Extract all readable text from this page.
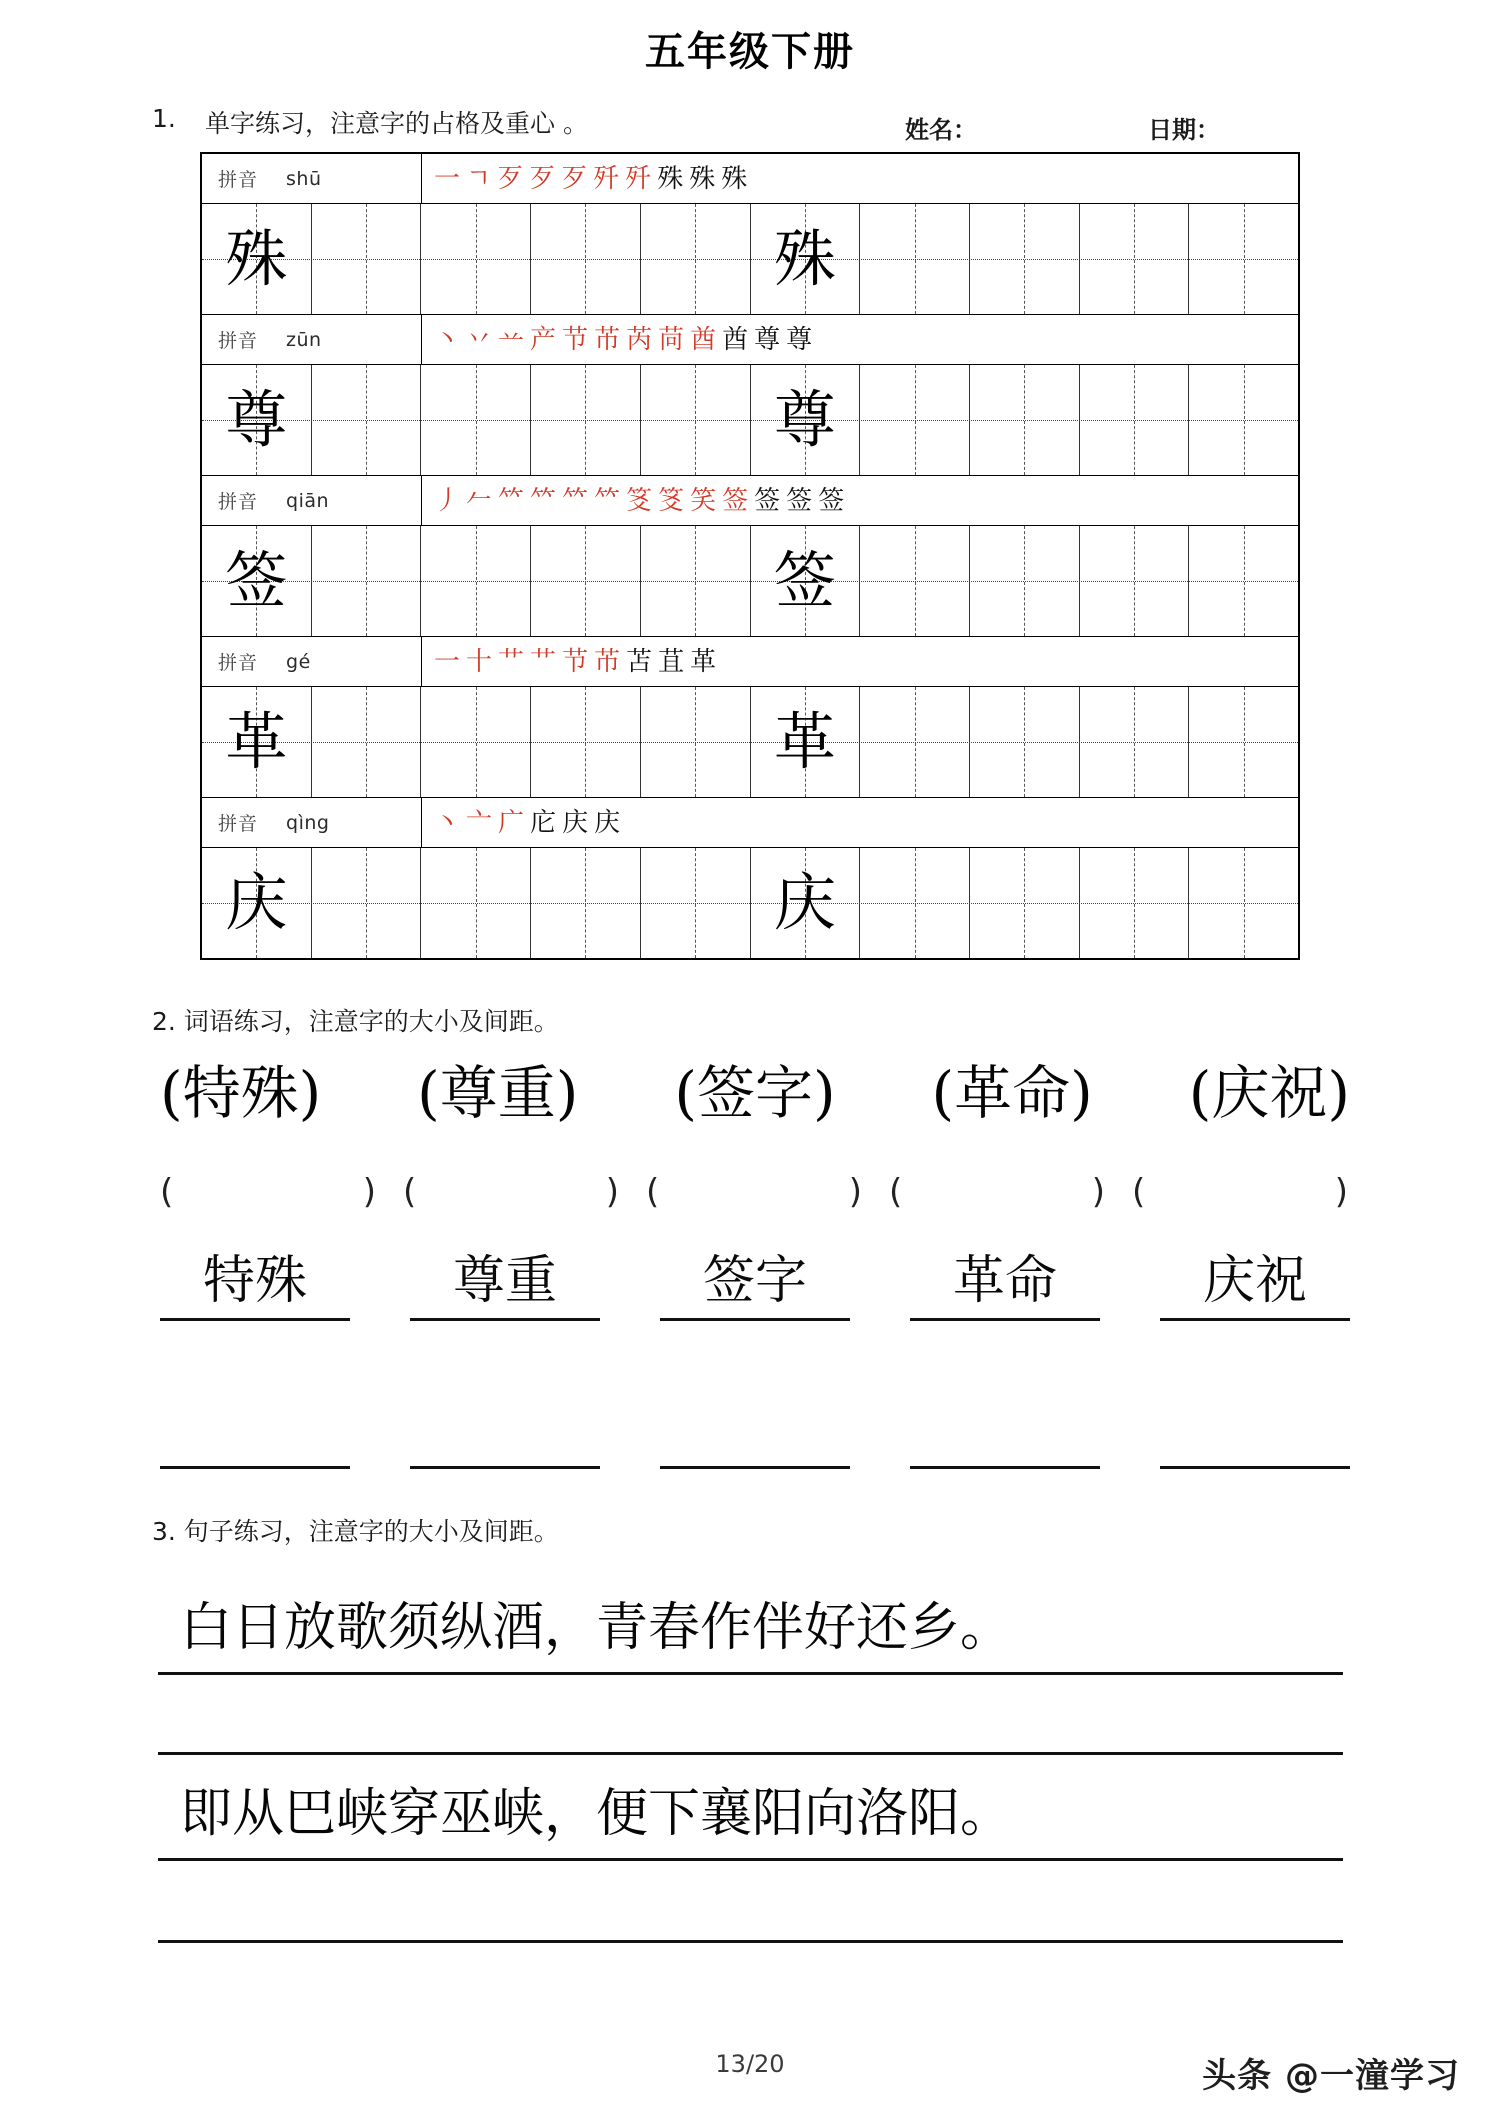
五年级下册
1. 单字练习，注意字的占格及重心 。	姓名：	日期：
拼音 shū	一ㄱ歹歹歹歼歼殊殊殊
殊	殊
拼音 zūn	丶丷䒑产节芇芮苘酋酋尊尊
尊	尊
拼音 qiān	丿𠂉𥫗𥫗𥫗𥫗笅笅笑签签签签
签	签
拼音 gé	一十艹艹节芇苫苴革
革	革
拼音 qìng	丶亠广庀庆庆
庆	庆
2. 词语练习，注意字的大小及间距。
(特殊) (尊重) (签字) (革命) (庆祝)
(	) (	) (	) (	) (	)
特殊	尊重	签字	革命	庆祝
3. 句子练习，注意字的大小及间距。
白日放歌须纵酒，青春作伴好还乡。
即从巴峡穿巫峡，便下襄阳向洛阳。
13/20	头条 @一潼学习
